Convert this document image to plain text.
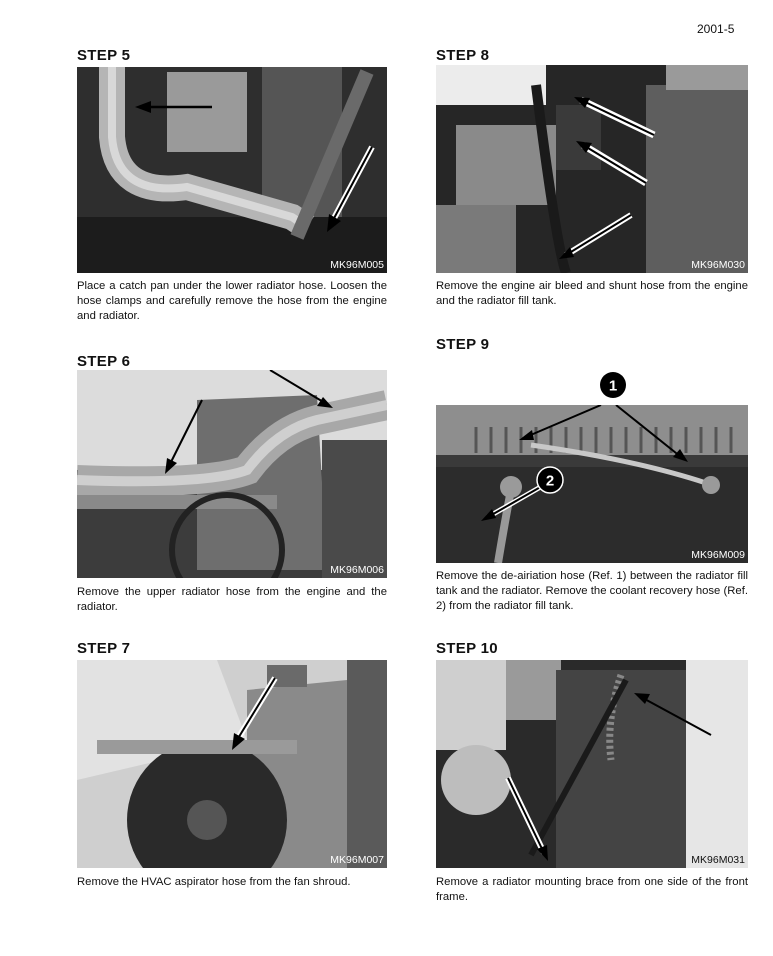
2001-5
STEP 5
MK96M005
Place a catch pan under the lower radiator hose. Loosen the hose clamps and carefully remove the hose from the engine and radiator.
STEP 6
MK96M006
Remove the upper radiator hose from the engine and the radiator.
STEP 7
MK96M007
Remove the HVAC aspirator hose from the fan shroud.
STEP 8
MK96M030
Remove the engine air bleed and shunt hose from the engine and the radiator fill tank.
STEP 9
MK96M009
1
2
Remove the de-airiation hose (Ref. 1) between the radiator fill tank and the radiator. Remove the coolant recovery hose (Ref. 2) from the radiator fill tank.
STEP 10
MK96M031
Remove a radiator mounting brace from one side of the front frame.
